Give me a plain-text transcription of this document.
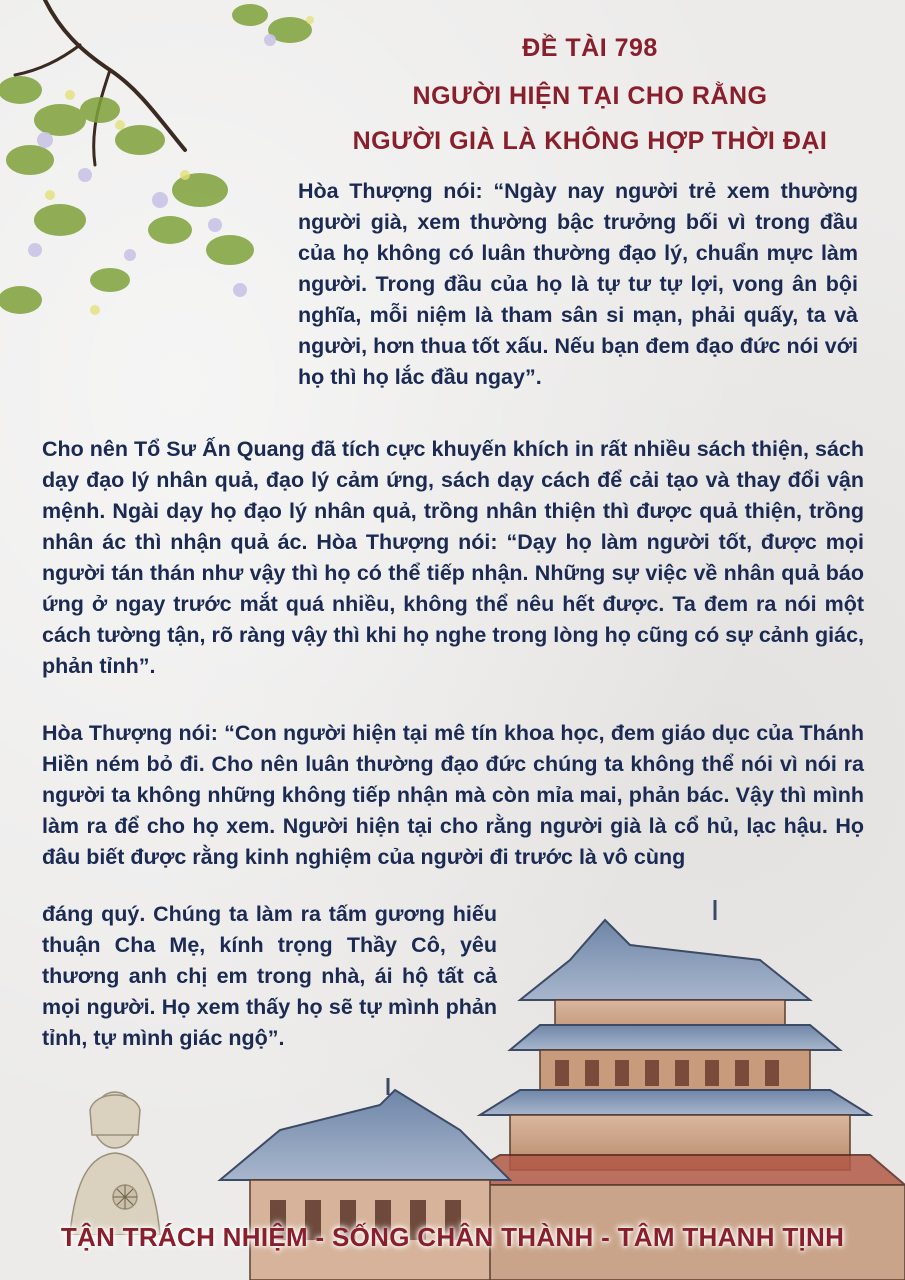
ĐỀ TÀI 798
NGƯỜI HIỆN TẠI CHO RẰNG
NGƯỜI GIÀ LÀ KHÔNG HỢP THỜI ĐẠI

Hòa Thượng nói: “Ngày nay người trẻ xem thường người già, xem thường bậc trưởng bối vì trong đầu của họ không có luân thường đạo lý, chuẩn mực làm người. Trong đầu của họ là tự tư tự lợi, vong ân bội nghĩa, mỗi niệm là tham sân si mạn, phải quấy, ta và người, hơn thua tốt xấu. Nếu bạn đem đạo đức nói với họ thì họ lắc đầu ngay”.

Cho nên Tổ Sư Ấn Quang đã tích cực khuyến khích in rất nhiều sách thiện, sách dạy đạo lý nhân quả, đạo lý cảm ứng, sách dạy cách để cải tạo và thay đổi vận mệnh. Ngài dạy họ đạo lý nhân quả, trồng nhân thiện thì được quả thiện, trồng nhân ác thì nhận quả ác. Hòa Thượng nói: “Dạy họ làm người tốt, được mọi người tán thán như vậy thì họ có thể tiếp nhận. Những sự việc về nhân quả báo ứng ở ngay trước mắt quá nhiều, không thể nêu hết được. Ta đem ra nói một cách tường tận, rõ ràng vậy thì khi họ nghe trong lòng họ cũng có sự cảnh giác, phản tỉnh”.

Hòa Thượng nói: “Con người hiện tại mê tín khoa học, đem giáo dục của Thánh Hiền ném bỏ đi. Cho nên luân thường đạo đức chúng ta không thể nói vì nói ra người ta không những không tiếp nhận mà còn mỉa mai, phản bác. Vậy thì mình làm ra để cho họ xem. Người hiện tại cho rằng người già là cổ hủ, lạc hậu. Họ đâu biết được rằng kinh nghiệm của người đi trước là vô cùng

đáng quý. Chúng ta làm ra tấm gương hiếu thuận Cha Mẹ, kính trọng Thầy Cô, yêu thương anh chị em trong nhà, ái hộ tất cả mọi người. Họ xem thấy họ sẽ tự mình phản tỉnh, tự mình giác ngộ”.

TẬN TRÁCH NHIỆM - SỐNG CHÂN THÀNH - TÂM THANH TỊNH
